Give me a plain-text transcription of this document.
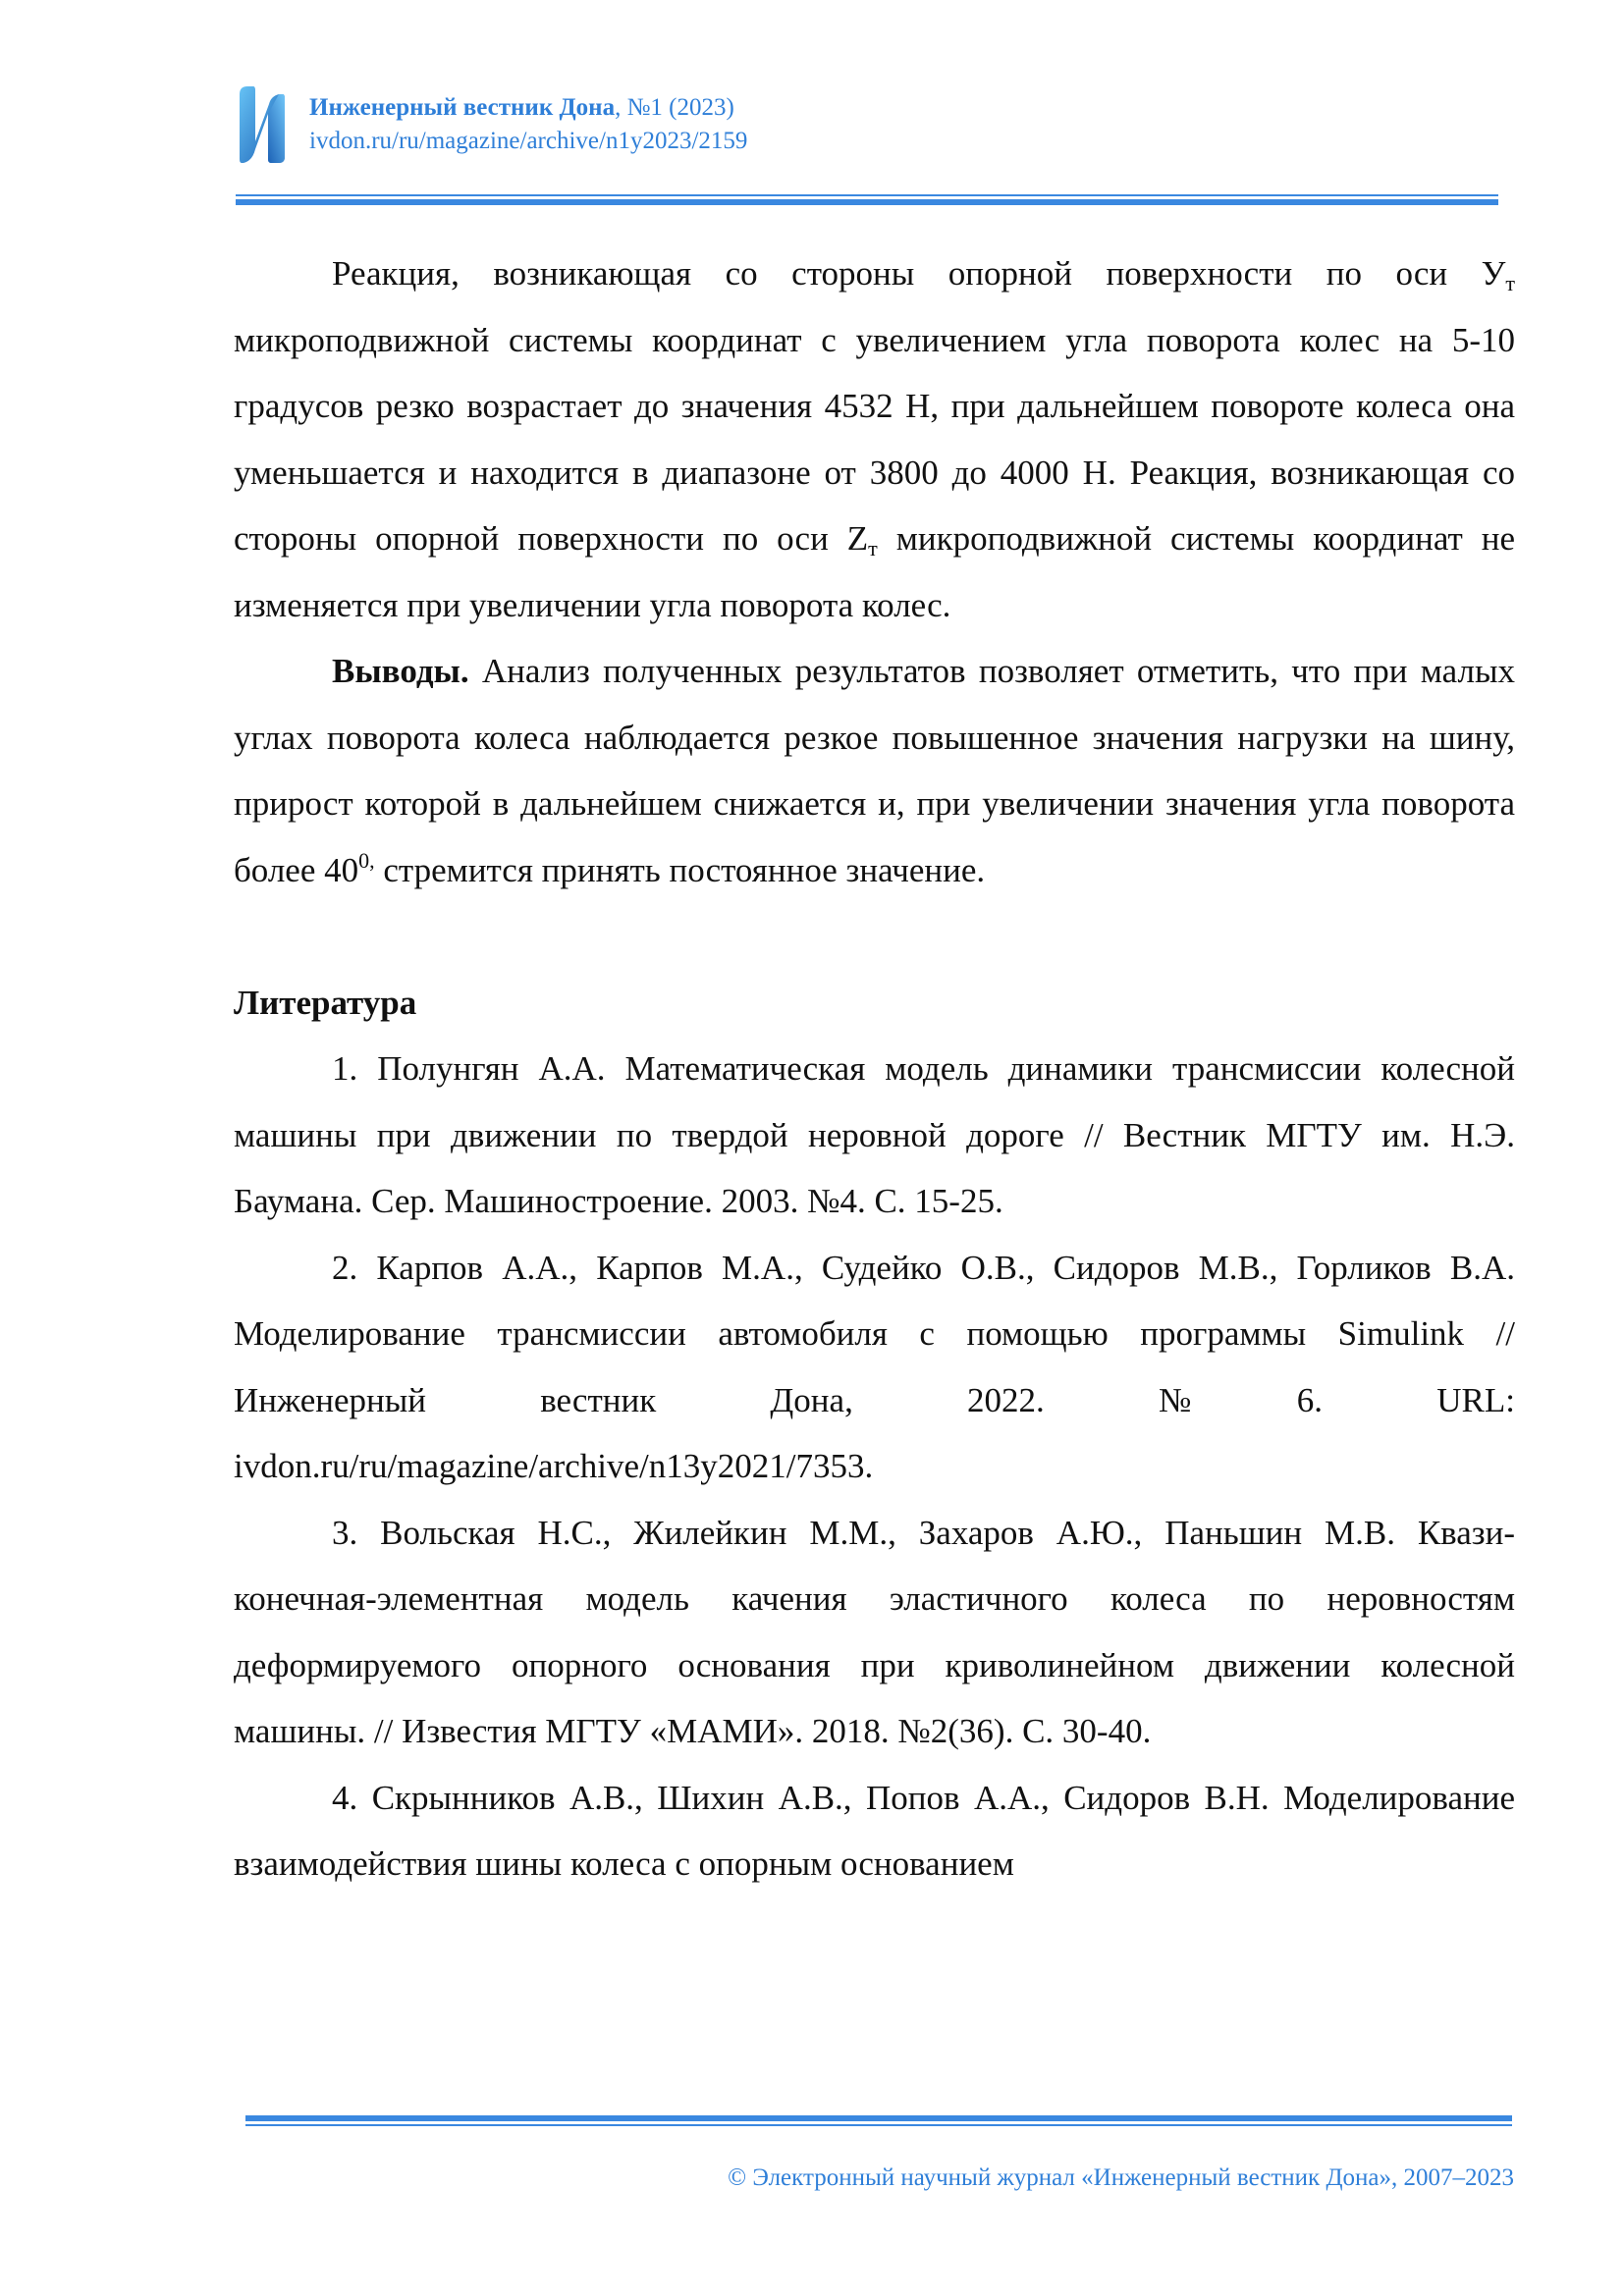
Инженерный вестник Дона, №1 (2023)
ivdon.ru/ru/magazine/archive/n1y2023/2159

Реакция, возникающая со стороны опорной поверхности по оси $У_т$ микроподвижной системы координат с увеличением угла поворота колес на 5-10 градусов резко возрастает до значения 4532 Н, при дальнейшем повороте колеса она уменьшается и находится в диапазоне от 3800 до 4000 Н. Реакция, возникающая со стороны опорной поверхности по оси $Z_т$ микроподвижной системы координат не изменяется при увеличении угла поворота колес.

Выводы. Анализ полученных результатов позволяет отметить, что при малых углах поворота колеса наблюдается резкое повышенное значения нагрузки на шину, прирост которой в дальнейшем снижается и, при увеличении значения угла поворота более $40^{0,}$ стремится принять постоянное значение.

Литература

1. Полунгян А.А. Математическая модель динамики трансмиссии колесной машины при движении по твердой неровной дороге // Вестник МГТУ им. Н.Э. Баумана. Сер. Машиностроение. 2003. №4. С. 15-25.

2. Карпов А.А., Карпов М.А., Судейко О.В., Сидоров М.В., Горликов В.А. Моделирование трансмиссии автомобиля с помощью программы Simulink // Инженерный вестник Дона, 2022. №6. URL: ivdon.ru/ru/magazine/archive/n13y2021/7353.

3. Вольская Н.С., Жилейкин М.М., Захаров А.Ю., Паньшин М.В. Квази-конечная-элементная модель качения эластичного колеса по неровностям деформируемого опорного основания при криволинейном движении колесной машины. // Известия МГТУ «МАМИ». 2018. №2(36). С. 30-40.

4. Скрынников А.В., Шихин А.В., Попов А.А., Сидоров В.Н. Моделирование взаимодействия шины колеса с опорным основанием

© Электронный научный журнал «Инженерный вестник Дона», 2007–2023
